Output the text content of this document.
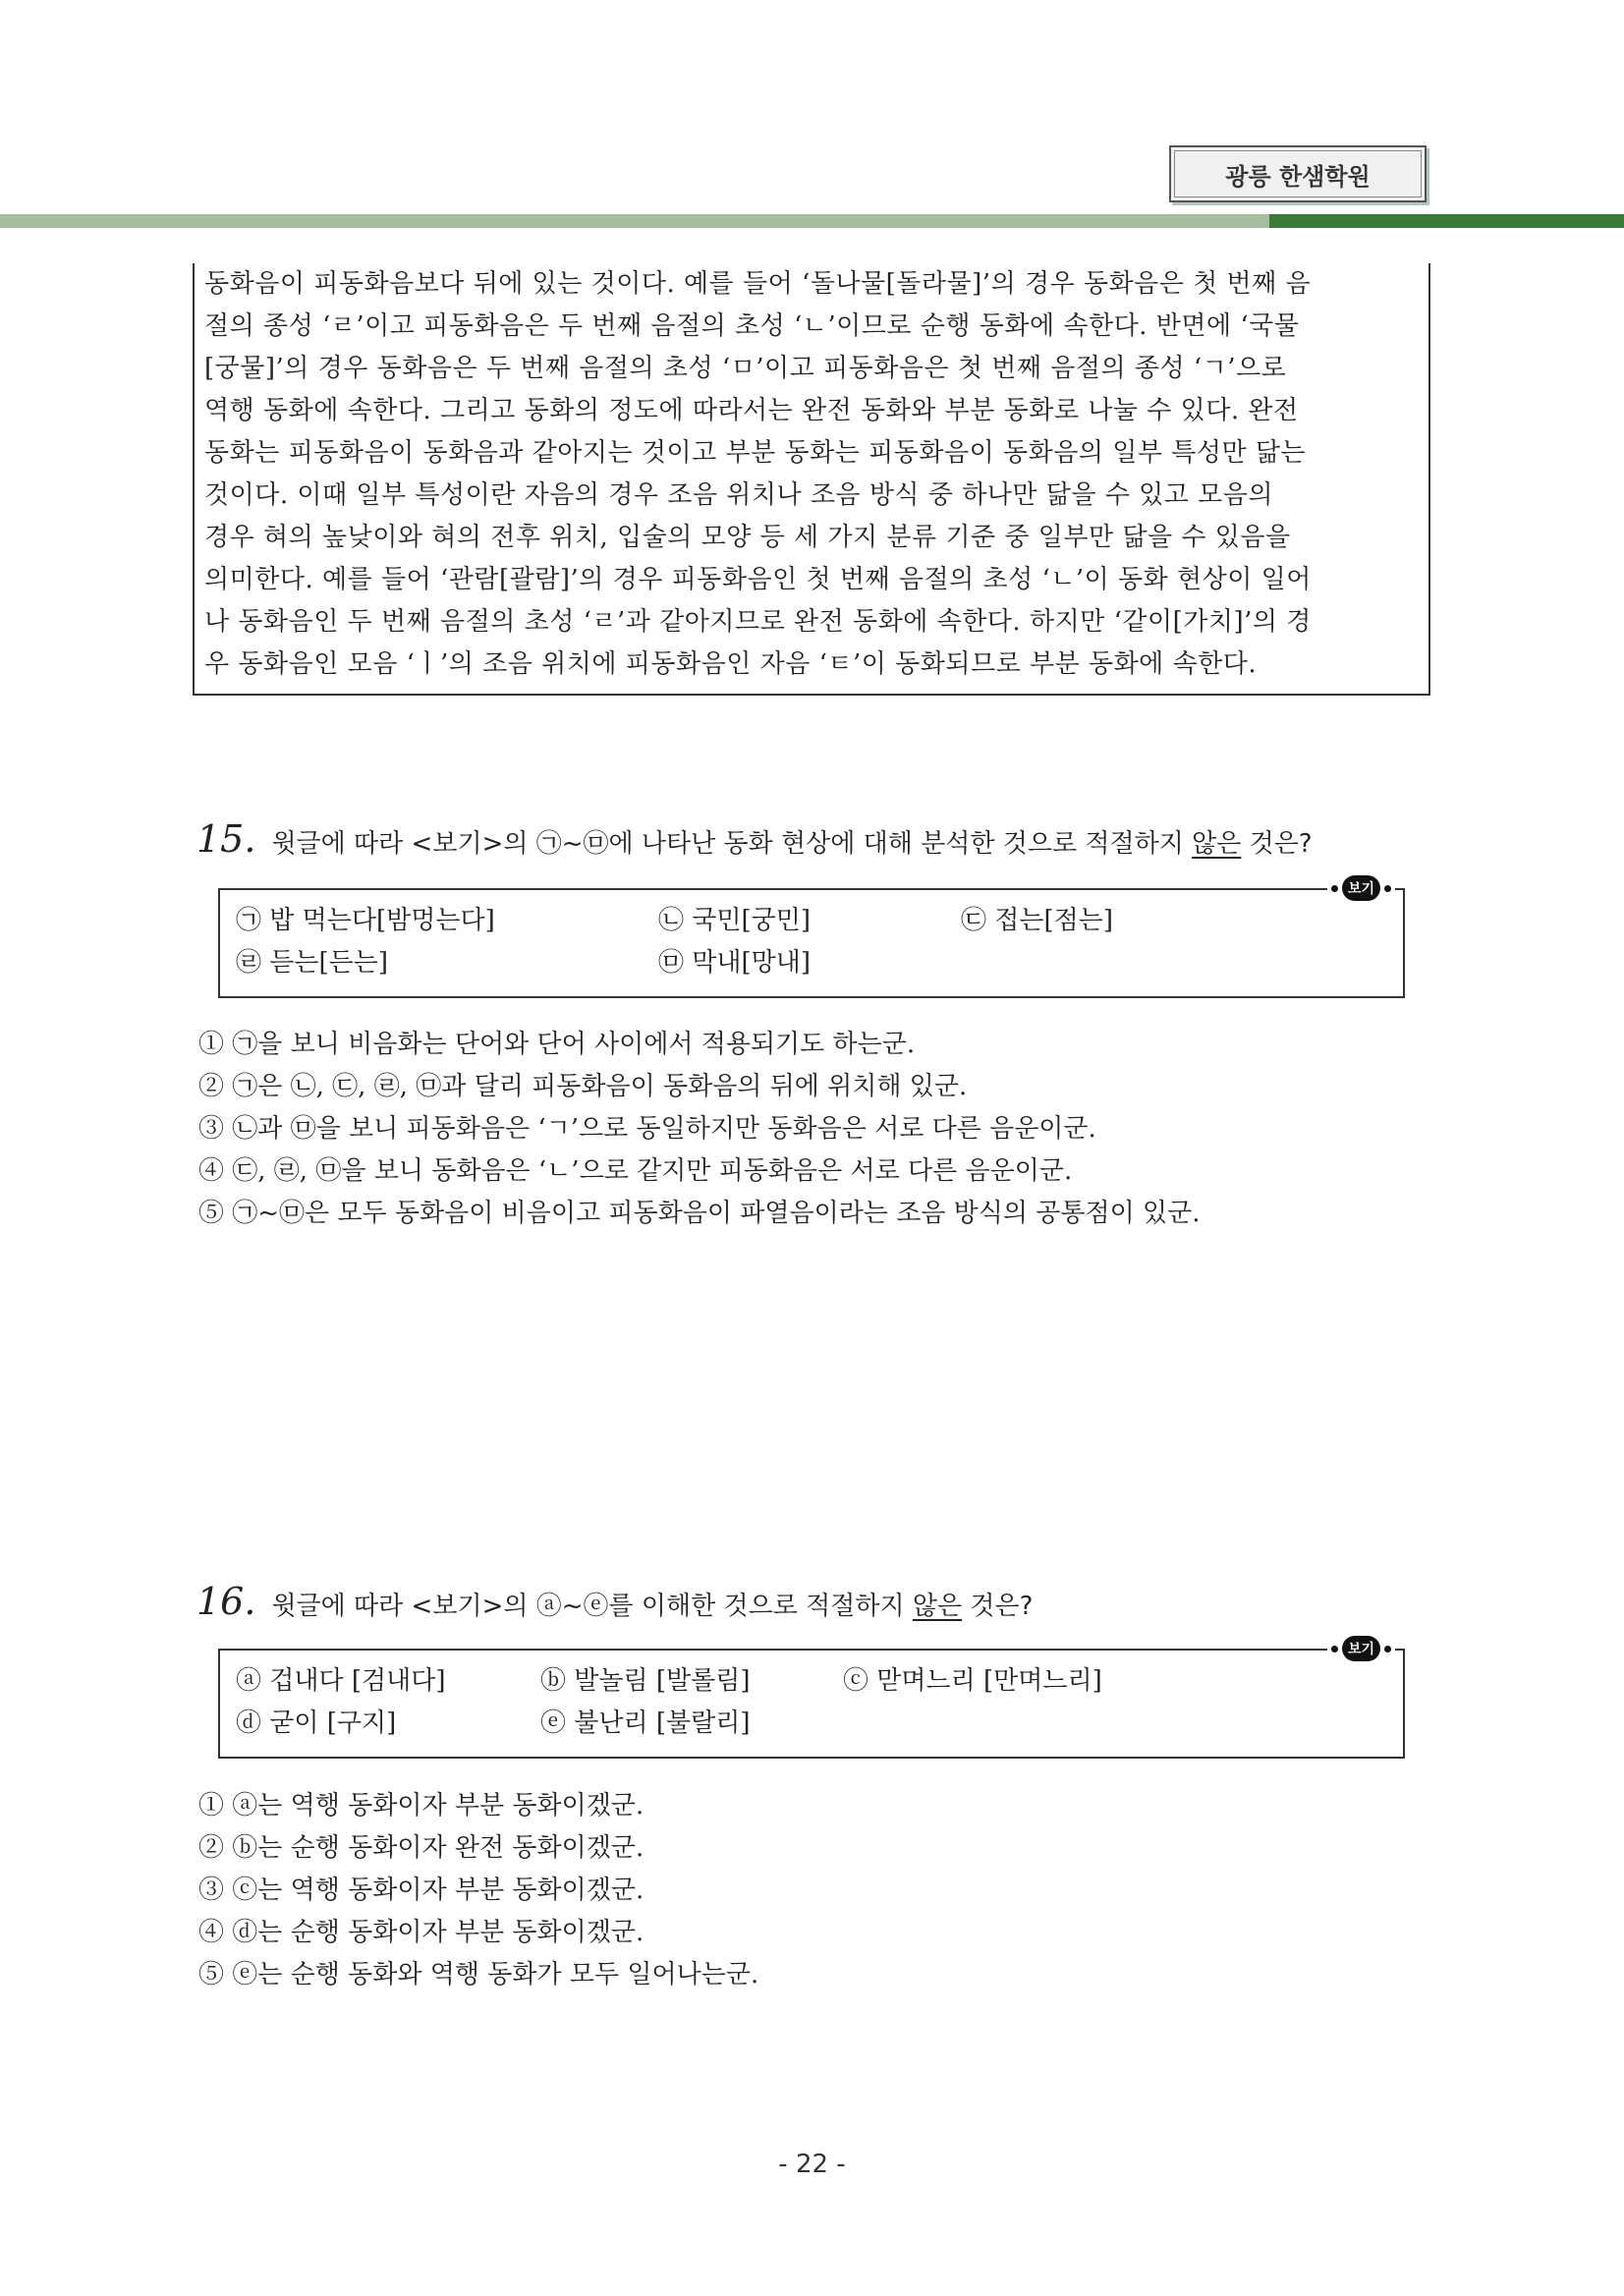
광릉 한샘학원

동화음이 피동화음보다 뒤에 있는 것이다. 예를 들어 ‘돌나물[돌라물]’의 경우 동화음은 첫 번째 음

절의 종성 ‘ㄹ’이고 피동화음은 두 번째 음절의 초성 ‘ㄴ’이므로 순행 동화에 속한다. 반면에 ‘국물

[궁물]’의 경우 동화음은 두 번째 음절의 초성 ‘ㅁ’이고 피동화음은 첫 번째 음절의 종성 ‘ㄱ’으로

역행 동화에 속한다. 그리고 동화의 정도에 따라서는 완전 동화와 부분 동화로 나눌 수 있다. 완전

동화는 피동화음이 동화음과 같아지는 것이고 부분 동화는 피동화음이 동화음의 일부 특성만 닮는

것이다. 이때 일부 특성이란 자음의 경우 조음 위치나 조음 방식 중 하나만 닮을 수 있고 모음의

경우 혀의 높낮이와 혀의 전후 위치, 입술의 모양 등 세 가지 분류 기준 중 일부만 닮을 수 있음을

의미한다. 예를 들어 ‘관람[괄람]’의 경우 피동화음인 첫 번째 음절의 초성 ‘ㄴ’이 동화 현상이 일어

나 동화음인 두 번째 음절의 초성 ‘ㄹ’과 같아지므로 완전 동화에 속한다. 하지만 ‘같이[가치]’의 경

우 동화음인 모음 ‘ㅣ’의 조음 위치에 피동화음인 자음 ‘ㅌ’이 동화되므로 부분 동화에 속한다.

15. 윗글에 따라 <보기>의 ㉠~㉤에 나타난 동화 현상에 대해 분석한 것으로 적절하지 않은 것은?
보기
㉠ 밥 먹는다[밤멍는다]	㉡ 국민[궁민]	㉢ 접는[점는]
㉣ 듣는[든는]	㉤ 막내[망내]
① ㉠을 보니 비음화는 단어와 단어 사이에서 적용되기도 하는군.
② ㉠은 ㉡, ㉢, ㉣, ㉤과 달리 피동화음이 동화음의 뒤에 위치해 있군.
③ ㉡과 ㉤을 보니 피동화음은 ‘ㄱ’으로 동일하지만 동화음은 서로 다른 음운이군.
④ ㉢, ㉣, ㉤을 보니 동화음은 ‘ㄴ’으로 같지만 피동화음은 서로 다른 음운이군.
⑤ ㉠~㉤은 모두 동화음이 비음이고 피동화음이 파열음이라는 조음 방식의 공통점이 있군.
16. 윗글에 따라 <보기>의 ⓐ~ⓔ를 이해한 것으로 적절하지 않은 것은?
보기
ⓐ 겁내다 [검내다]	ⓑ 발놀림 [발롤림]	ⓒ 맏며느리 [만며느리]
ⓓ 굳이 [구지]	ⓔ 불난리 [불랄리]
① ⓐ는 역행 동화이자 부분 동화이겠군.
② ⓑ는 순행 동화이자 완전 동화이겠군.
③ ⓒ는 역행 동화이자 부분 동화이겠군.
④ ⓓ는 순행 동화이자 부분 동화이겠군.
⑤ ⓔ는 순행 동화와 역행 동화가 모두 일어나는군.
- 22 -
